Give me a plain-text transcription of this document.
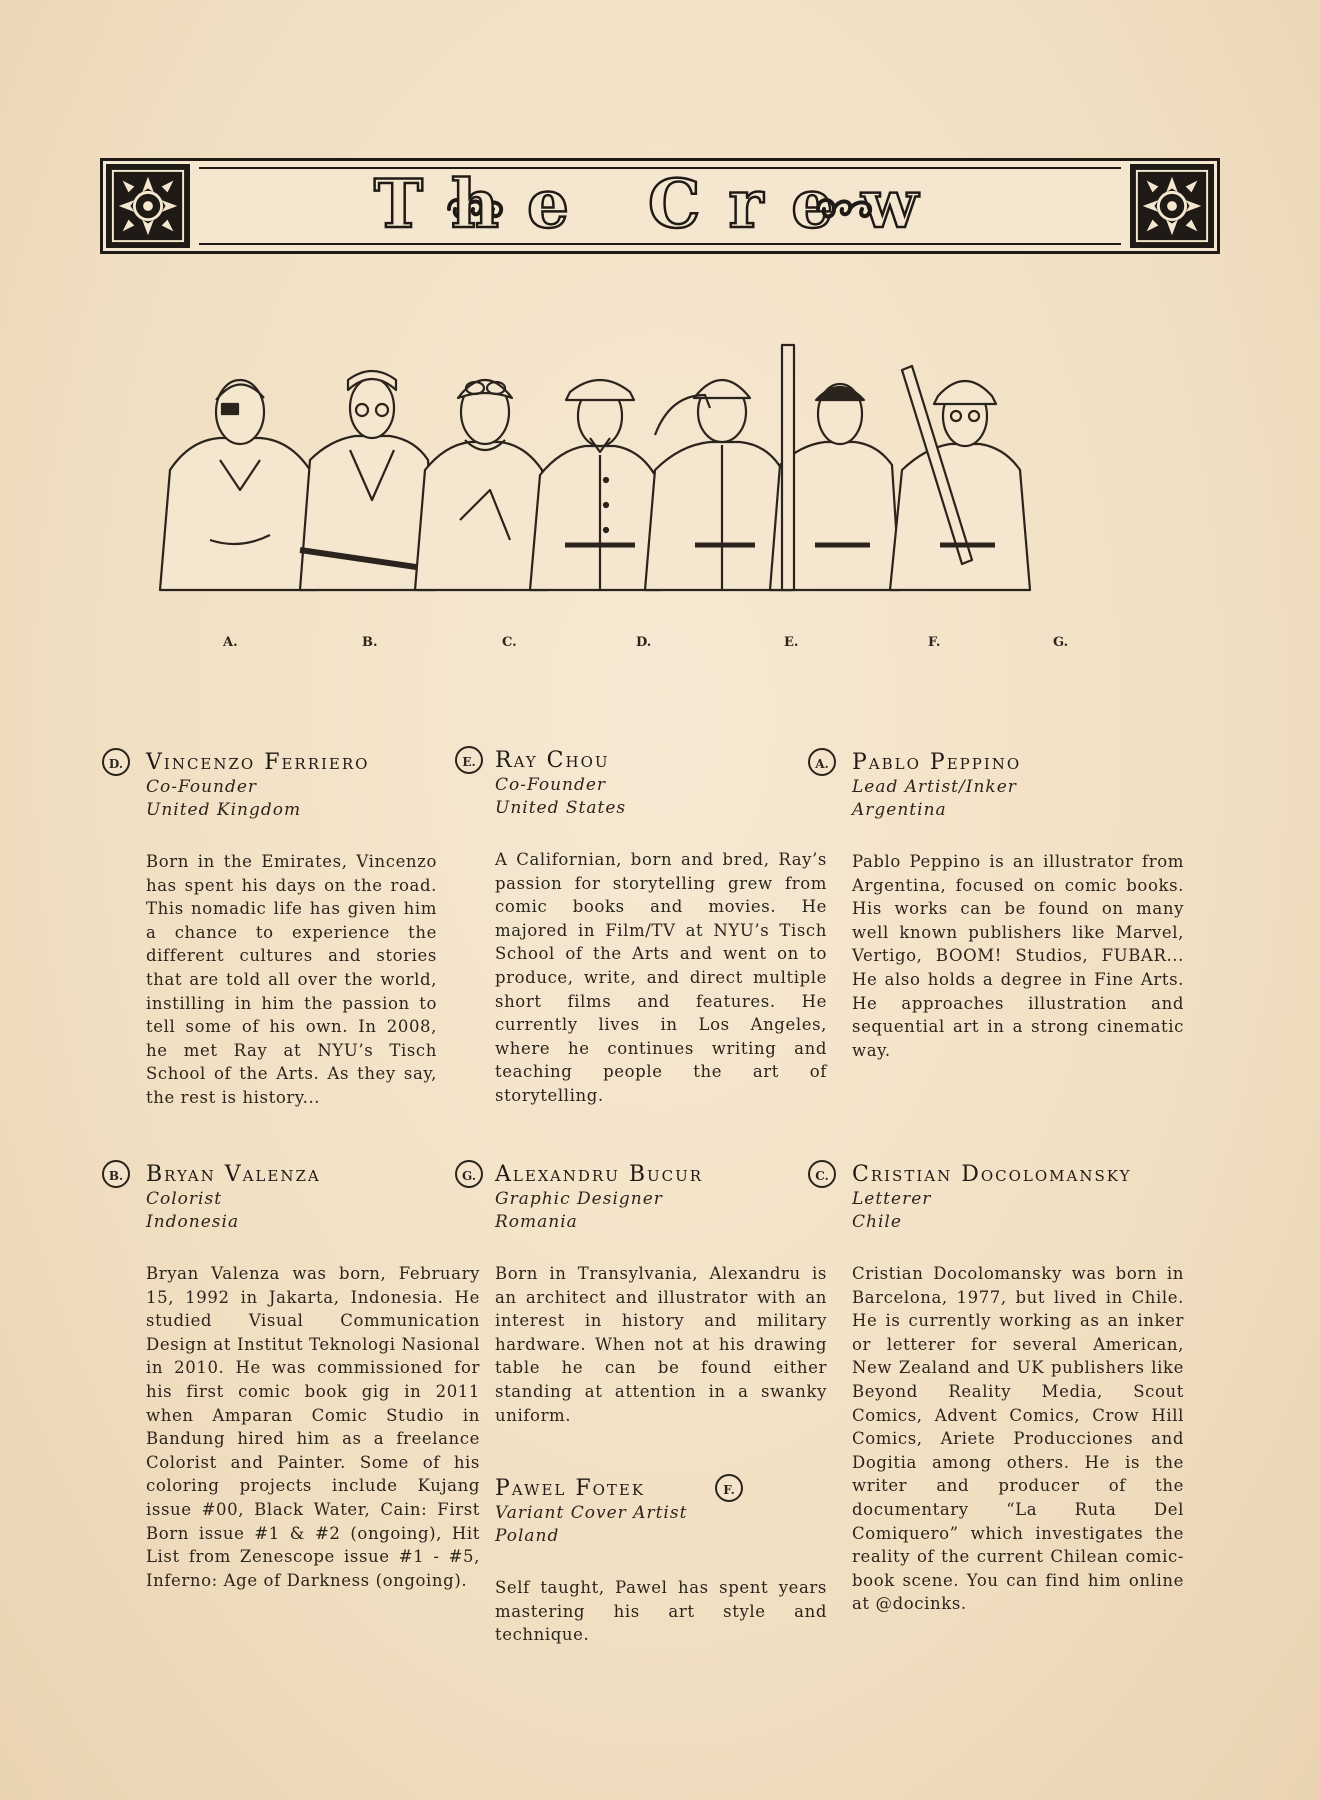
The Crew
A.	B.	C.	D.	E.	F.	G.
D.	Vincenzo Ferriero
Co-Founder
United Kingdom
Born in the Emirates, Vincenzo has spent his days on the road. This nomadic life has given him a chance to experience the different cultures and stories that are told all over the world, instilling in him the passion to tell some of his own. In 2008, he met Ray at NYU’s Tisch School of the Arts. As they say, the rest is history...
E. Ray Chou
Co-Founder
United States
A Californian, born and bred, Ray’s passion for storytelling grew from comic books and movies. He majored in Film/TV at NYU’s Tisch School of the Arts and went on to produce, write, and direct multiple short films and features. He currently lives in Los Angeles, where he continues writing and teaching people the art of storytelling.
A.	Pablo Peppino
Lead Artist/Inker
Argentina
Pablo Peppino is an illustrator from Argentina, focused on comic books. His works can be found on many well known publishers like Marvel, Vertigo, BOOM! Studios, FUBAR... He also holds a degree in Fine Arts. He approaches illustration and sequential art in a strong cinematic way.
B.	Bryan Valenza
Colorist
Indonesia
Bryan Valenza was born, February 15, 1992 in Jakarta, Indonesia. He studied Visual Communication Design at Institut Teknologi Nasional in 2010. He was commissioned for his first comic book gig in 2011 when Amparan Comic Studio in Bandung hired him as a freelance Colorist and Painter. Some of his coloring projects include Kujang issue #00, Black Water, Cain: First Born issue #1 & #2 (ongoing), Hit List from Zenescope issue #1 - #5, Inferno: Age of Darkness (ongoing).
G. Alexandru Bucur
Graphic Designer
Romania
Born in Transylvania, Alexandru is an architect and illustrator with an interest in history and military hardware. When not at his drawing table he can be found either standing at attention in a swanky uniform.
C.	Cristian Docolomansky
Letterer
Chile
Cristian Docolomansky was born in Barcelona, 1977, but lived in Chile. He is currently working as an inker or letterer for several American, New Zealand and UK publishers like Beyond Reality Media, Scout Comics, Advent Comics, Crow Hill Comics, Ariete Producciones and Dogitia among others. He is the writer and producer of the documentary “La Ruta Del Comiquero” which investigates the reality of the current Chilean comic-book scene. You can find him online at @docinks.
F.
Pawel Fotek
Variant Cover Artist
Poland
Self taught, Pawel has spent years mastering his art style and technique.
